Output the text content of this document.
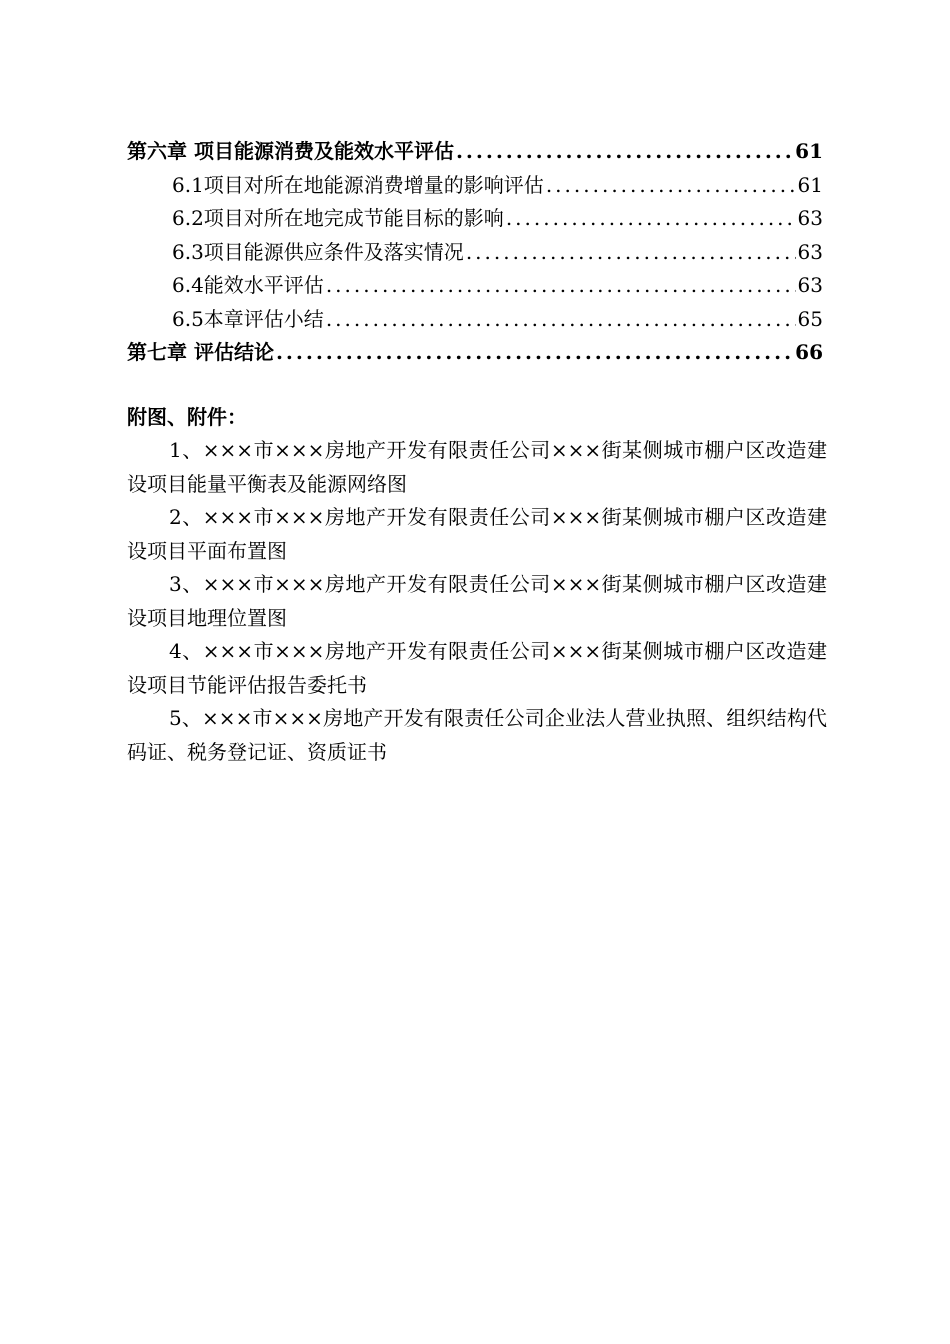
第六章 项目能源消费及能效水平评估 .....	61
6.1项目对所在地能源消费增量的影响评估 .....	61
6.2项目对所在地完成节能目标的影响 .....	63
6.3项目能源供应条件及落实情况 .....	63
6.4能效水平评估 .....	63
6.5本章评估小结 .....	65
第七章 评估结论 .....	66
附图、附件：

1、×××市×××房地产开发有限责任公司×××街某侧城市棚户区改造建设项目能量平衡表及能源网络图

2、×××市×××房地产开发有限责任公司×××街某侧城市棚户区改造建设项目平面布置图

3、×××市×××房地产开发有限责任公司×××街某侧城市棚户区改造建设项目地理位置图

4、×××市×××房地产开发有限责任公司×××街某侧城市棚户区改造建设项目节能评估报告委托书

5、×××市×××房地产开发有限责任公司企业法人营业执照、组织结构代码证、税务登记证、资质证书
